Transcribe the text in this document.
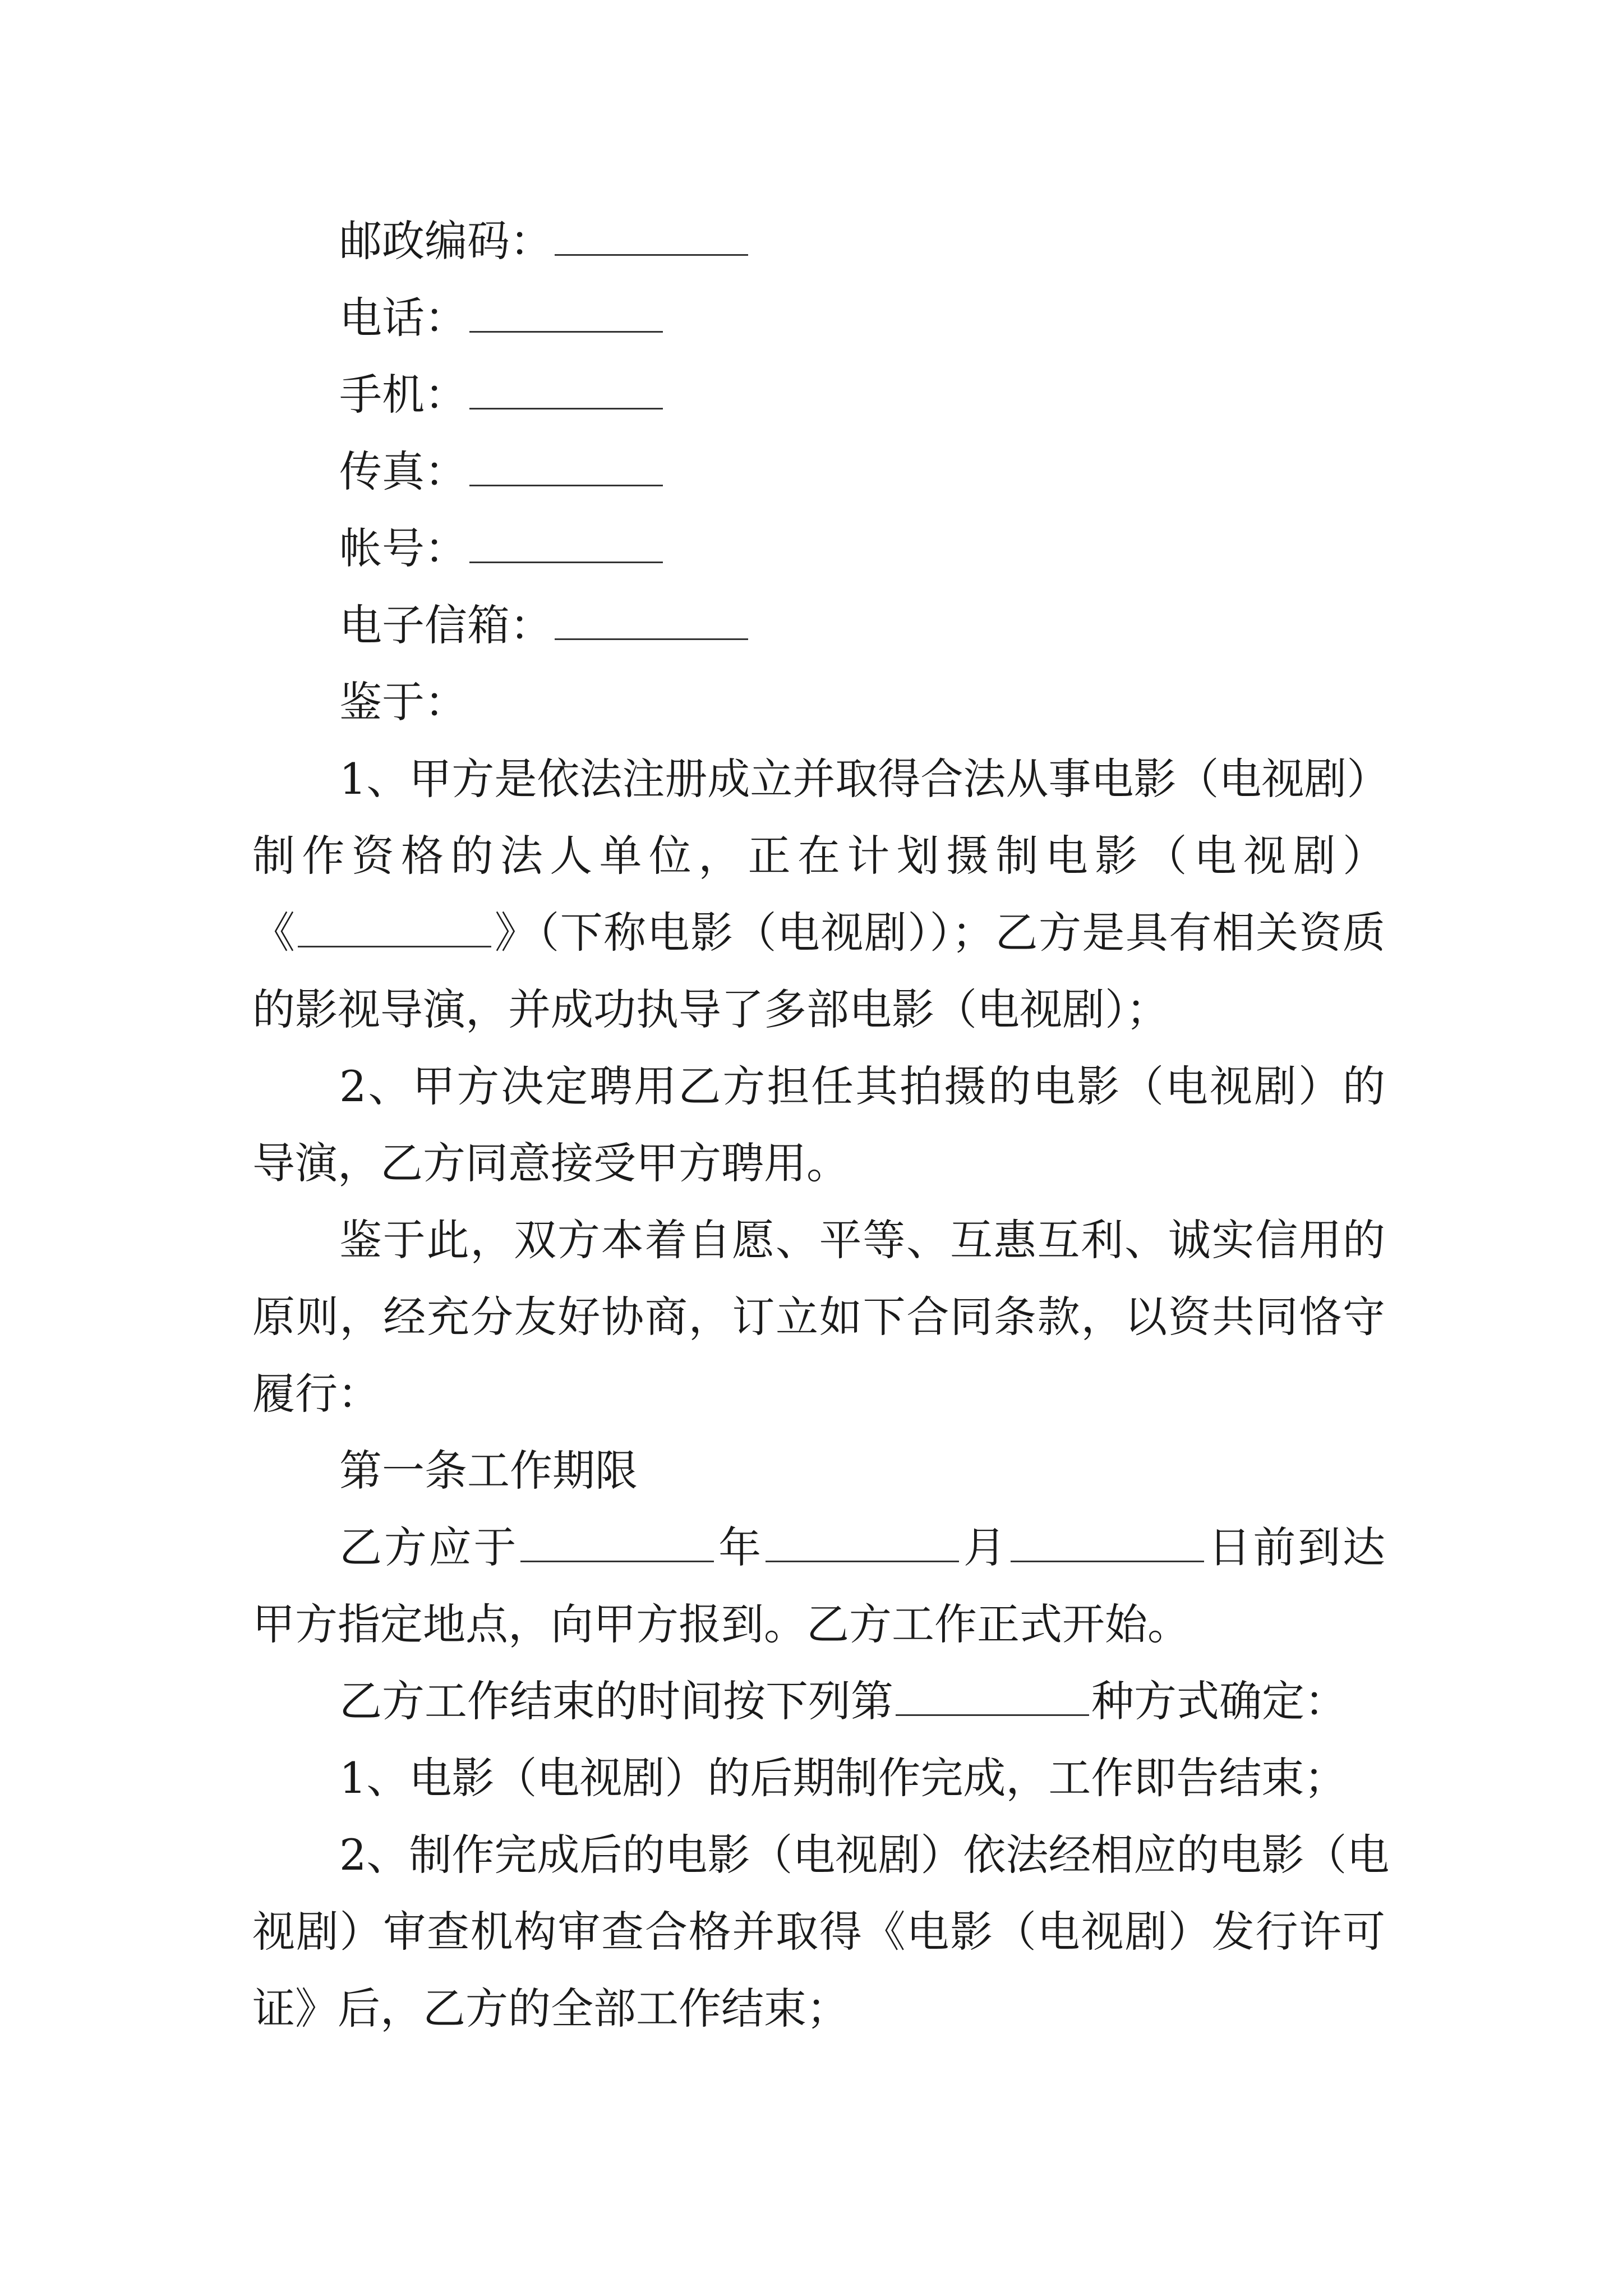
邮政编码：
电话：
手机：
传真：
帐号：
电子信箱：
鉴于：
1、甲方是依法注册成立并取得合法从事电影（电视剧）
制作资格的法人单位，正在计划摄制电影（电视剧）
《	》（下称电影（电视剧））；乙方是具有相关资质
的影视导演，并成功执导了多部电影（电视剧）；
2、甲方决定聘用乙方担任其拍摄的电影（电视剧）的
导演，乙方同意接受甲方聘用。
鉴于此，双方本着自愿、平等、互惠互利、诚实信用的
原则，经充分友好协商，订立如下合同条款，以资共同恪守
履行：
第一条工作期限
乙方应于	年	月	日前到达
甲方指定地点，向甲方报到。乙方工作正式开始。
乙方工作结束的时间按下列第	种方式确定：
1、电影（电视剧）的后期制作完成，工作即告结束；
2、制作完成后的电影（电视剧）依法经相应的电影（电
视剧）审查机构审查合格并取得《电影（电视剧）发行许可
证》后，乙方的全部工作结束；
